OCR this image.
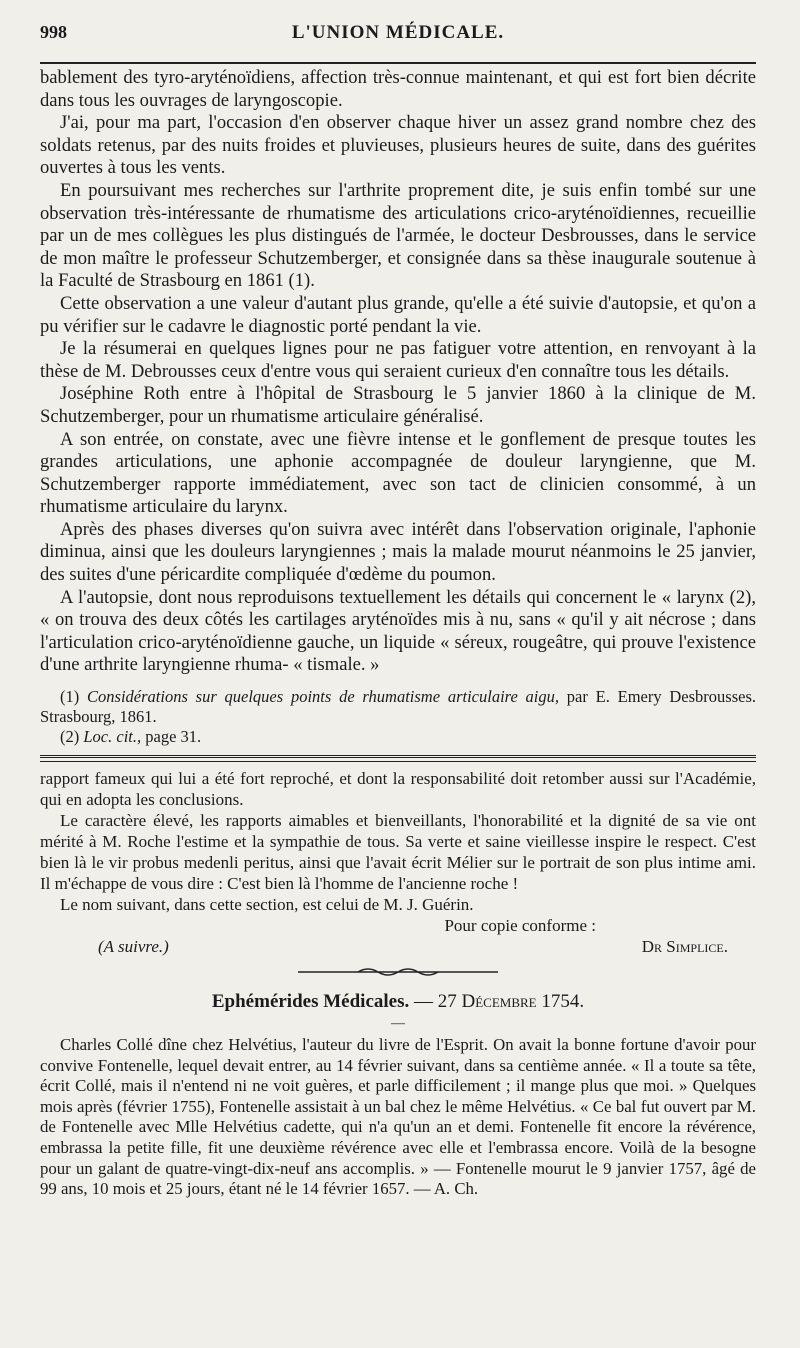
998	L'UNION MÉDICALE.

bablement des tyro-aryténoïdiens, affection très-connue maintenant, et qui est fort bien décrite dans tous les ouvrages de laryngoscopie.

J'ai, pour ma part, l'occasion d'en observer chaque hiver un assez grand nombre chez des soldats retenus, par des nuits froides et pluvieuses, plusieurs heures de suite, dans des guérites ouvertes à tous les vents.

En poursuivant mes recherches sur l'arthrite proprement dite, je suis enfin tombé sur une observation très-intéressante de rhumatisme des articulations crico-aryténoïdiennes, recueillie par un de mes collègues les plus distingués de l'armée, le docteur Desbrousses, dans le service de mon maître le professeur Schutzemberger, et consignée dans sa thèse inaugurale soutenue à la Faculté de Strasbourg en 1861 (1).

Cette observation a une valeur d'autant plus grande, qu'elle a été suivie d'autopsie, et qu'on a pu vérifier sur le cadavre le diagnostic porté pendant la vie.

Je la résumerai en quelques lignes pour ne pas fatiguer votre attention, en renvoyant à la thèse de M. Debrousses ceux d'entre vous qui seraient curieux d'en connaître tous les détails.

Joséphine Roth entre à l'hôpital de Strasbourg le 5 janvier 1860 à la clinique de M. Schutzemberger, pour un rhumatisme articulaire généralisé.

A son entrée, on constate, avec une fièvre intense et le gonflement de presque toutes les grandes articulations, une aphonie accompagnée de douleur laryngienne, que M. Schutzemberger rapporte immédiatement, avec son tact de clinicien consommé, à un rhumatisme articulaire du larynx.

Après des phases diverses qu'on suivra avec intérêt dans l'observation originale, l'aphonie diminua, ainsi que les douleurs laryngiennes ; mais la malade mourut néanmoins le 25 janvier, des suites d'une péricardite compliquée d'œdème du poumon.

A l'autopsie, dont nous reproduisons textuellement les détails qui concernent le « larynx (2), « on trouva des deux côtés les cartilages aryténoïdes mis à nu, sans « qu'il y ait nécrose ; dans l'articulation crico-aryténoïdienne gauche, un liquide « séreux, rougeâtre, qui prouve l'existence d'une arthrite laryngienne rhuma- « tismale. »

(1) Considérations sur quelques points de rhumatisme articulaire aigu, par E. Emery Desbrousses. Strasbourg, 1861.

(2) Loc. cit., page 31.

rapport fameux qui lui a été fort reproché, et dont la responsabilité doit retomber aussi sur l'Académie, qui en adopta les conclusions.

Le caractère élevé, les rapports aimables et bienveillants, l'honorabilité et la dignité de sa vie ont mérité à M. Roche l'estime et la sympathie de tous. Sa verte et saine vieillesse inspire le respect. C'est bien là le vir probus medenli peritus, ainsi que l'avait écrit Mélier sur le portrait de son plus intime ami. Il m'échappe de vous dire : C'est bien là l'homme de l'ancienne roche !

Le nom suivant, dans cette section, est celui de M. J. Guérin.

Pour copie conforme :
(A suivre.)	Dr Simplice.
Ephémérides Médicales. — 27 Décembre 1754.
—

Charles Collé dîne chez Helvétius, l'auteur du livre de l'Esprit. On avait la bonne fortune d'avoir pour convive Fontenelle, lequel devait entrer, au 14 février suivant, dans sa centième année. « Il a toute sa tête, écrit Collé, mais il n'entend ni ne voit guères, et parle difficilement ; il mange plus que moi. » Quelques mois après (février 1755), Fontenelle assistait à un bal chez le même Helvétius. « Ce bal fut ouvert par M. de Fontenelle avec Mlle Helvétius cadette, qui n'a qu'un an et demi. Fontenelle fit encore la révérence, embrassa la petite fille, fit une deuxième révérence avec elle et l'embrassa encore. Voilà de la besogne pour un galant de quatre-vingt-dix-neuf ans accomplis. » — Fontenelle mourut le 9 janvier 1757, âgé de 99 ans, 10 mois et 25 jours, étant né le 14 février 1657. — A. Ch.
